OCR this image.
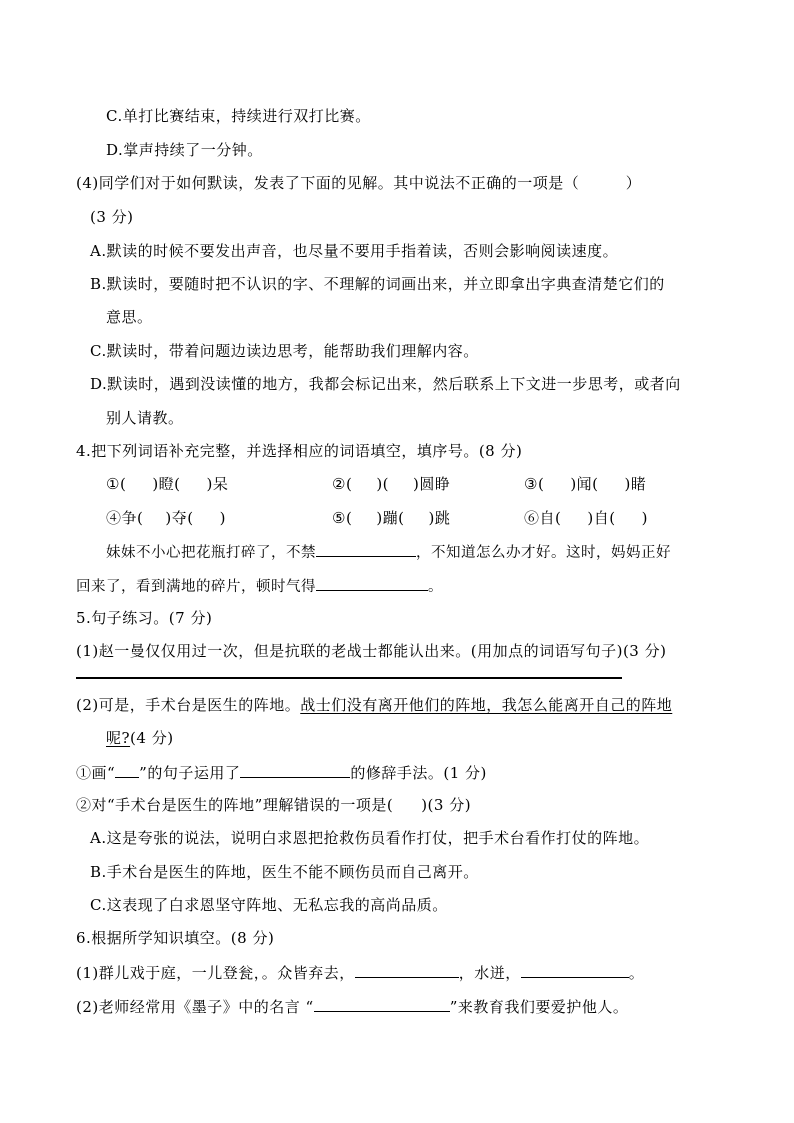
C.单打比赛结束，持续进行双打比赛。
D.掌声持续了一分钟。
(4)同学们对于如何默读，发表了下面的见解。其中说法不正确的一项是（　　　）
(3 分)
A.默读的时候不要发出声音，也尽量不要用手指着读，否则会影响阅读速度。
B.默读时，要随时把不认识的字、不理解的词画出来，并立即拿出字典查清楚它们的
意思。
C.默读时，带着问题边读边思考，能帮助我们理解内容。
D.默读时，遇到没读懂的地方，我都会标记出来，然后联系上下文进一步思考，或者向
别人请教。
4.把下列词语补充完整，并选择相应的词语填空，填序号。(8 分)
①( )瞪( )呆	②( )( )圆睁	③( )闻( )睹
④争( )夺( )	⑤( )蹦( )跳	⑥自( )自( )
妹妹不小心把花瓶打碎了，不禁	，不知道怎么办才好。这时，妈妈正好
回来了，看到满地的碎片，顿时气得	。
5.句子练习。(7 分)
(1)赵一曼仅仅用过一次，但是抗联的老战士都能认出来。(用加点的词语写句子)(3 分)
(2)可是，手术台是医生的阵地。战士们没有离开他们的阵地，我怎么能离开自己的阵地
呢?(4 分)
①画“ ”的句子运用了	的修辞手法。(1 分)
②对“手术台是医生的阵地”理解错误的一项是( )(3 分)
A.这是夸张的说法，说明白求恩把抢救伤员看作打仗，把手术台看作打仗的阵地。
B.手术台是医生的阵地，医生不能不顾伤员而自己离开。
C.这表现了白求恩坚守阵地、无私忘我的高尚品质。
6.根据所学知识填空。(8 分)
(1)群儿戏于庭，一儿登瓮，。众皆弃去，	，水迸，	。
(2)老师经常用《墨子》中的名言 “	”来教育我们要爱护他人。
